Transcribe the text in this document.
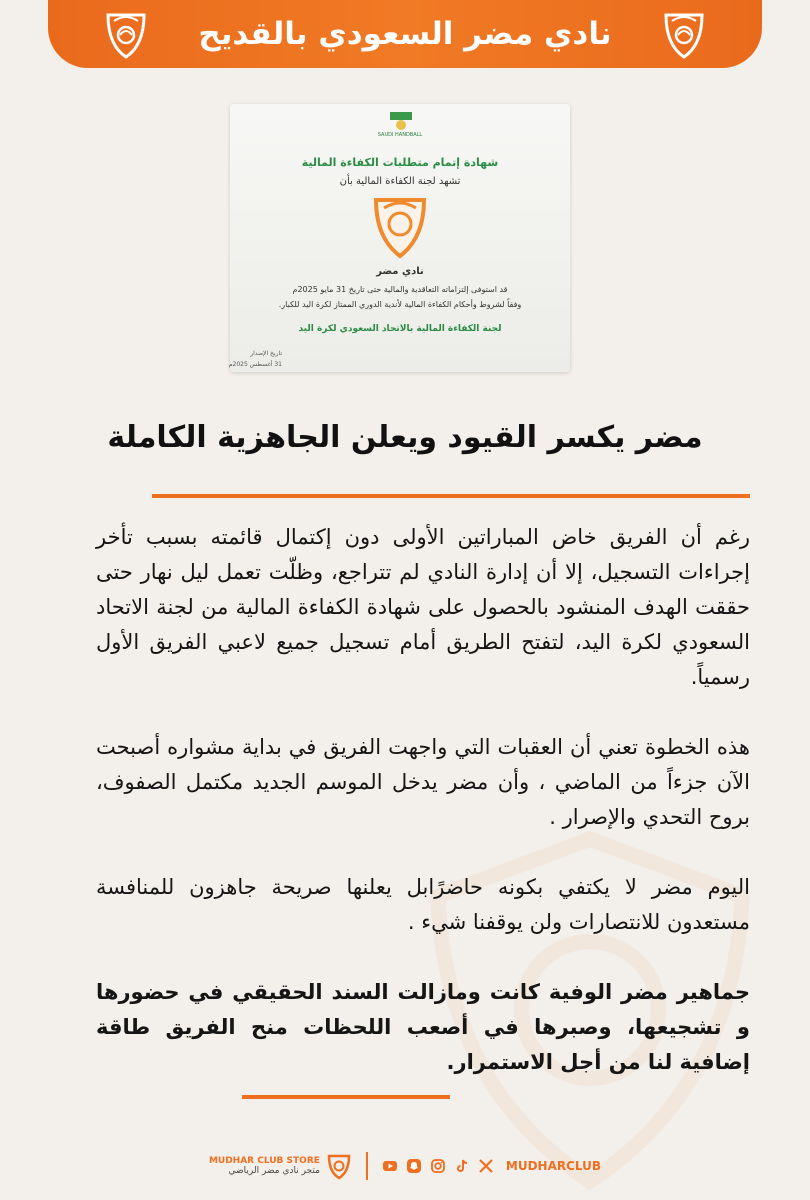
نادي مضر السعودي بالقديح
SAUDI HANDBALL
شهادة إتمام متطلبات الكفاءة المالية
تشهد لجنة الكفاءة المالية بأن
نادي مضر
قد استوفى إلتزاماته التعاقدية والمالية حتى تاريخ 31 مايو 2025م
وفقاً لشروط وأحكام الكفاءة المالية لأندية الدوري الممتاز لكرة اليد للكبار.
لجنة الكفاءة المالية بالاتحاد السعودي لكرة اليد
تاريخ الإصدار
31 أغسطس 2025م
مضر يكسر القيود ويعلن الجاهزية الكاملة

رغم أن الفريق خاض المباراتين الأولى دون إكتمال قائمته بسبب تأخر إجراءات التسجيل، إلا أن إدارة النادي لم تتراجع، وظلّت تعمل ليل نهار حتى حققت الهدف المنشود بالحصول على شهادة الكفاءة المالية من لجنة الاتحاد السعودي لكرة اليد، لتفتح الطريق أمام تسجيل جميع لاعبي الفريق الأول رسمياً.

هذه الخطوة تعني أن العقبات التي واجهت الفريق في بداية مشواره أصبحت الآن جزءاً من الماضي ، وأن مضر يدخل الموسم الجديد مكتمل الصفوف، بروح التحدي والإصرار .

اليوم مضر لا يكتفي بكونه حاضرًابل يعلنها صريحة جاهزون للمنافسة مستعدون للانتصارات ولن يوقفنا شيء .

جماهير مضر الوفية كانت ومازالت السند الحقيقي في حضورها و تشجيعها، وصبرها في أصعب اللحظات منح الفريق طاقة إضافية لنا من أجل الاستمرار.

MUDHAR CLUB STORE
متجر نادي مضر الرياضي	MUDHARCLUB
